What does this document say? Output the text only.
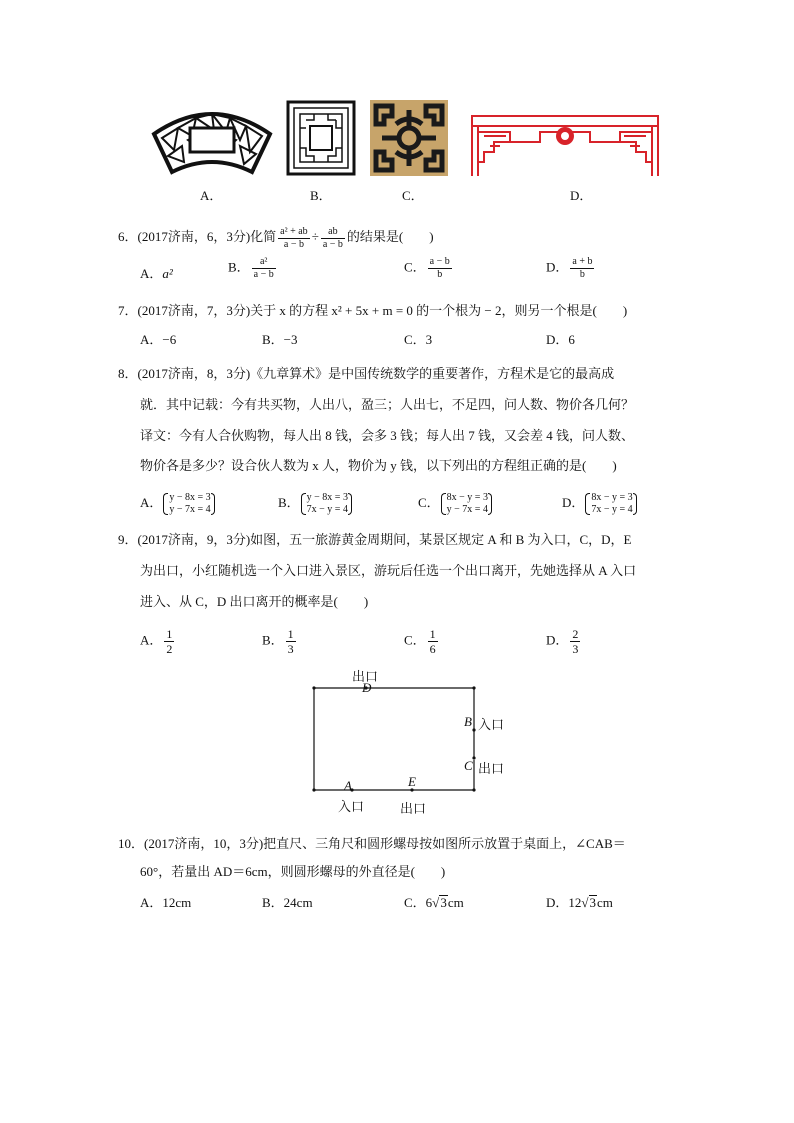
A．	B．	C．	D．
6．(2017济南，6，3分)化简 $\frac{\text{a² + ab}}{a - b} \div \frac{ab}{a - b}$ 的结果是(　　)
A．a²	B． $\frac{\text{a²}}{a - b}$	C． $\frac{a - b}{b}$	D． $\frac{a + b}{b}$
7．(2017济南，7，3分)关于 x 的方程 x² + 5x + m = 0 的一个根为 − 2，则另一个根是(　　)
A．−6	B．−3	C．3	D．6
8．(2017济南，8，3分)《九章算术》是中国传统数学的重要著作，方程术是它的最高成
就．其中记载：今有共买物，人出八，盈三；人出七，不足四，问人数、物价各几何？
译文：今有人合伙购物，每人出 8 钱，会多 3 钱；每人出 7 钱，又会差 4 钱，问人数、
物价各是多少？设合伙人数为 x 人，物价为 y 钱，以下列出的方程组正确的是(　　)
A． y − 8x = 3
y − 7x = 4	B． y − 8x = 3
7x − y = 4	C． 8x − y = 3
y − 7x = 4	D． 8x − y = 3
7x − y = 4
9．(2017济南，9，3分)如图，五一旅游黄金周期间，某景区规定 A 和 B 为入口，C，D，E
为出口，小红随机选一个入口进入景区，游玩后任选一个出口离开，先她选择从 A 入口
进入、从 C，D 出口离开的概率是(　　)
A． $\frac{1}{2}$	B． $\frac{1}{3}$	C． $\frac{1}{6}$	D． $\frac{2}{3}$
出口
D
B 入口
C 出口
A	E
入口	出口
10．(2017济南，10，3分)把直尺、三角尺和圆形螺母按如图所示放置于桌面上，∠CAB＝
60°，若量出 AD＝6cm，则圆形螺母的外直径是(　　)
A．12cm	B．24cm	C．6√3cm	D．12√3cm
